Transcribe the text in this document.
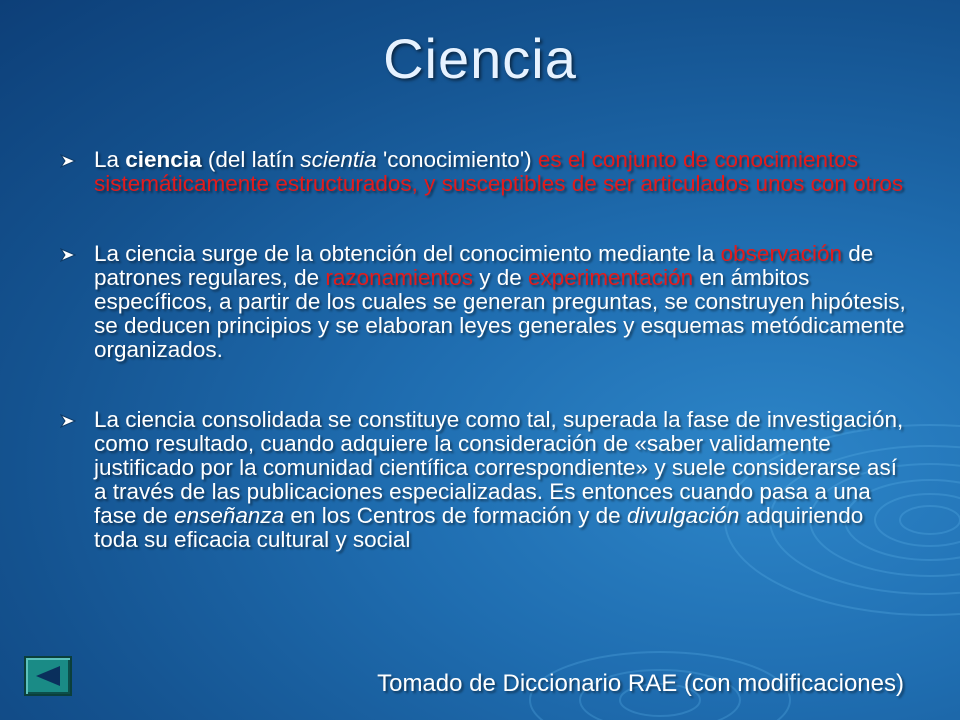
Ciencia
La ciencia (del latín scientia 'conocimiento') es el conjunto de conocimientos sistemáticamente estructurados, y susceptibles de ser articulados unos con otros
La ciencia surge de la obtención del conocimiento mediante la observación de patrones regulares, de razonamientos y de experimentación en ámbitos específicos, a partir de los cuales se generan preguntas, se construyen hipótesis, se deducen principios y se elaboran leyes generales y esquemas metódicamente organizados.
La ciencia consolidada se constituye como tal, superada la fase de investigación, como resultado, cuando adquiere la consideración de «saber validamente justificado por la comunidad científica correspondiente» y suele considerarse así a través de las publicaciones especializadas. Es entonces cuando pasa a una fase de enseñanza en los Centros de formación y de divulgación adquiriendo toda su eficacia cultural y social
Tomado de Diccionario RAE (con modificaciones)
